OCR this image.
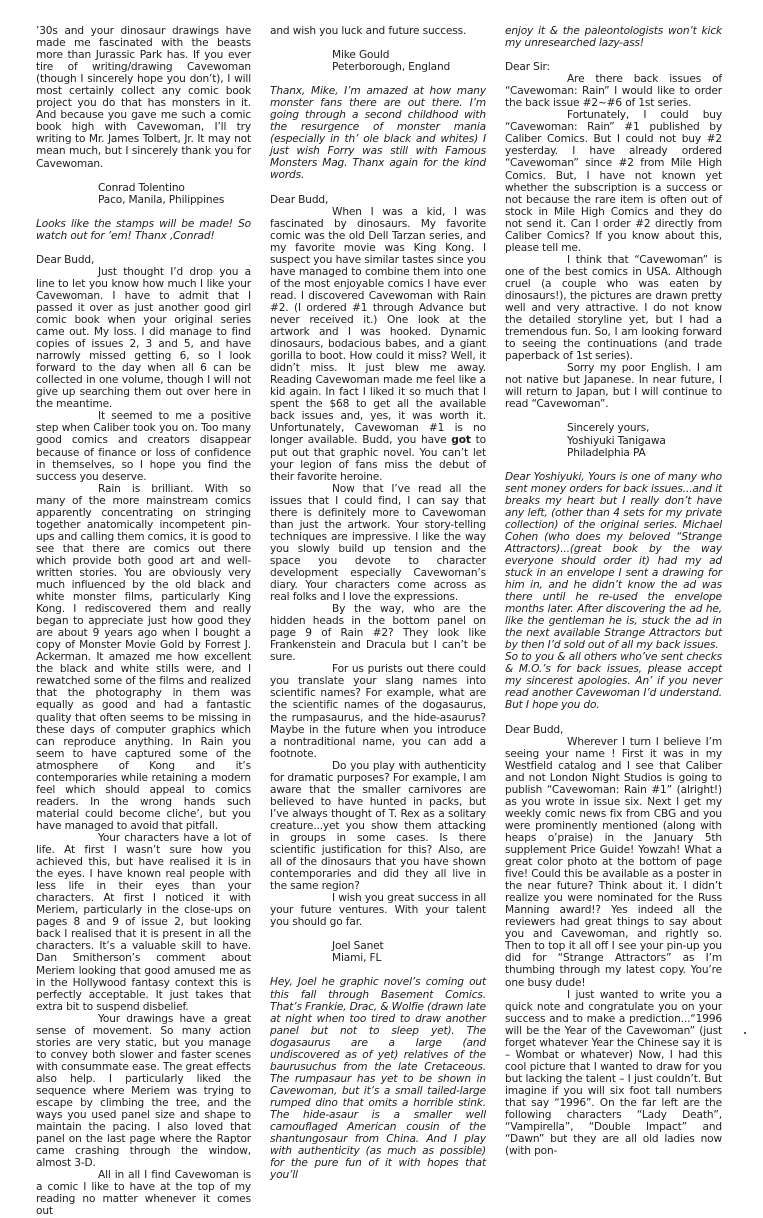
’30s and your dinosaur drawings have made me fascinated with the beasts more than Jurassic Park has. If you ever tire of writing/drawing Cavewoman (though I sincerely hope you don’t), I will most certainly collect any comic book project you do that has monsters in it. And because you gave me such a comic book high with Cavewoman, I’ll try writing to Mr. James Tolbert, Jr. It may not mean much, but I sincerely thank you for Cavewoman.

Conrad Tolentino
Paco, Manila, Philippines

Looks like the stamps will be made! So watch out for ’em! Thanx ,Conrad!

Dear Budd,

Just thought I’d drop you a line to let you know how much I like your Cavewoman. I have to admit that I passed it over as just another good girl comic book when your original series came out. My loss. I did manage to find copies of issues 2, 3 and 5, and have narrowly missed getting 6, so I look forward to the day when all 6 can be collected in one volume, though I will not give up searching them out over here in the meantime.

It seemed to me a positive step when Caliber took you on. Too many good comics and creators disappear because of finance or loss of confidence in themselves, so I hope you find the success you deserve.

Rain is brilliant. With so many of the more mainstream comics apparently concentrating on stringing together anatomically incompetent pin-ups and calling them comics, it is good to see that there are comics out there which provide both good art and well-written stories. You are obviously very much influenced by the old black and white monster films, particularly King Kong. I rediscovered them and really began to appreciate just how good they are about 9 years ago when I bought a copy of Monster Movie Gold by Forrest J. Ackerman. It amazed me how excellent the black and white stills were, and I rewatched some of the films and realized that the photography in them was equally as good and had a fantastic quality that often seems to be missing in these days of computer graphics which can reproduce anything. In Rain you seem to have captured some of the atmosphere of Kong and it’s contemporaries while retaining a modern feel which should appeal to comics readers. In the wrong hands such material could become cliche’, but you have managed to avoid that pitfall.

Your characters have a lot of life. At first I wasn’t sure how you achieved this, but have realised it is in the eyes. I have known real people with less life in their eyes than your characters. At first I noticed it with Meriem, particularly in the close-ups on pages 8 and 9 of issue 2, but looking back I realised that it is present in all the characters. It’s a valuable skill to have. Dan Smitherson’s comment about Meriem looking that good amused me as in the Hollywood fantasy context this is perfectly acceptable. It just takes that extra bit to suspend disbelief.

Your drawings have a great sense of movement. So many action stories are very static, but you manage to convey both slower and faster scenes with consummate ease. The great effects also help. I particularly liked the sequence where Meriem was trying to escape by climbing the tree, and the ways you used panel size and shape to maintain the pacing. I also loved that panel on the last page where the Raptor came crashing through the window, almost 3-D.

All in all I find Cavewoman is a comic I like to have at the top of my reading no matter whenever it comes out

and wish you luck and future success.

Mike Gould
Peterborough, England

Thanx, Mike, I’m amazed at how many monster fans there are out there. I’m going through a second childhood with the resurgence of monster mania (especially in th’ ole black and whites) I just wish Forry was still with Famous Monsters Mag. Thanx again for the kind words.

Dear Budd,

When I was a kid, I was fascinated by dinosaurs. My favorite comic was the old Dell Tarzan series, and my favorite movie was King Kong. I suspect you have similar tastes since you have managed to combine them into one of the most enjoyable comics I have ever read. I discovered Cavewoman with Rain #2. (I ordered #1 through Advance but never received it.) One look at the artwork and I was hooked. Dynamic dinosaurs, bodacious babes, and a giant gorilla to boot. How could it miss? Well, it didn’t miss. It just blew me away. Reading Cavewoman made me feel like a kid again. In fact I liked it so much that I spent the $68 to get all the available back issues and, yes, it was worth it. Unfortunately, Cavewoman #1 is no longer available. Budd, you have got to put out that graphic novel. You can’t let your legion of fans miss the debut of their favorite heroine.

Now that I’ve read all the issues that I could find, I can say that there is definitely more to Cavewoman than just the artwork. Your story-telling techniques are impressive. I like the way you slowly build up tension and the space you devote to character development especially Cavewoman’s diary. Your characters come across as real folks and I love the expressions.

By the way, who are the hidden heads in the bottom panel on page 9 of Rain #2? They look like Frankenstein and Dracula but I can’t be sure.

For us purists out there could you translate your slang names into scientific names? For example, what are the scientific names of the dogasaurus, the rumpasaurus, and the hide-asaurus? Maybe in the future when you introduce a nontraditional name, you can add a footnote.

Do you play with authenticity for dramatic purposes? For example, I am aware that the smaller carnivores are believed to have hunted in packs, but I’ve always thought of T. Rex as a solitary creature...yet you show them attacking in groups in some cases. Is there scientific justification for this? Also, are all of the dinosaurs that you have shown contemporaries and did they all live in the same region?

I wish you great success in all your future ventures. With your talent you should go far.

Joel Sanet
Miami, FL

Hey, Joel he graphic novel’s coming out this fall through Basement Comics. That’s Frankie, Drac, & Wolfie (drawn late at night when too tired to draw another panel but not to sleep yet). The dogasaurus are a large (and undiscovered as of yet) relatives of the baurusuchus from the late Cretaceous. The rumpasaur has yet to be shown in Cavewoman, but it’s a small tailed-large rumped dino that omits a horrible stink. The hide-asaur is a smaller well camouflaged American cousin of the shantungosaur from China. And I play with authenticity (as much as possible) for the pure fun of it with hopes that you’ll

enjoy it & the paleontologists won’t kick my unresearched lazy-ass!

Dear Sir:

Are there back issues of “Cavewoman: Rain” I would like to order the back issue #2~#6 of 1st series.

Fortunately, I could buy “Cavewoman: Rain” #1 published by Caliber Comics. But I could not buy #2 yesterday. I have already ordered “Cavewoman” since #2 from Mile High Comics. But, I have not known yet whether the subscription is a success or not because the rare item is often out of stock in Mile High Comics and they do not send it. Can I order #2 directly from Caliber Comics? If you know about this, please tell me.

I think that “Cavewoman” is one of the best comics in USA. Although cruel (a couple who was eaten by dinosaurs!), the pictures are drawn pretty well and very attractive. I do not know the detailed storyline yet, but I had a tremendous fun. So, I am looking forward to seeing the continuations (and trade paperback of 1st series).

Sorry my poor English. I am not native but Japanese. In near future, I will return to Japan, but I will continue to read “Cavewoman”.

Sincerely yours,
Yoshiyuki Tanigawa
Philadelphia PA

Dear Yoshiyuki, Yours is one of many who sent money orders for back issues...and it breaks my heart but I really don’t have any left, (other than 4 sets for my private collection) of the original series. Michael Cohen (who does my beloved “Strange Attractors)...(great book by the way everyone should order it) had my ad stuck in an envelope I sent a drawing for him in, and he didn’t know the ad was there until he re-used the envelope months later. After discovering the ad he, like the gentleman he is, stuck the ad in the next available Strange Attractors but by then I’d sold out of all my back issues.

So to you & all others who’ve sent checks & M.O.’s for back issues, please accept my sincerest apologies. An’ if you never read another Cavewoman I’d understand. But I hope you do.

Dear Budd,

Wherever I turn I believe I’m seeing your name ! First it was in my Westfield catalog and I see that Caliber and not London Night Studios is going to publish “Cavewoman: Rain #1” (alright!) as you wrote in issue six. Next I get my weekly comic news fix from CBG and you were prominently mentioned (along with heaps o’praise) in the January 5th supplement Price Guide! Yowzah! What a great color photo at the bottom of page five! Could this be available as a poster in the near future? Think about it. I didn’t realize you were nominated for the Russ Manning award!? Yes indeed all the reviewers had great things to say about you and Cavewoman, and rightly so. Then to top it all off I see your pin-up you did for “Strange Attractors” as I’m thumbing through my latest copy. You’re one busy dude!

I just wanted to write you a quick note and congratulate you on your success and to make a prediction...“1996 will be the Year of the Cavewoman” (just forget whatever Year the Chinese say it is – Wombat or whatever) Now, I had this cool picture that I wanted to draw for you but lacking the talent – I just couldn’t. But imagine if you will six foot tall numbers that say “1996”. On the far left are the following characters “Lady Death”, “Vampirella”, “Double Impact” and “Dawn” but they are all old ladies now (with pon-
